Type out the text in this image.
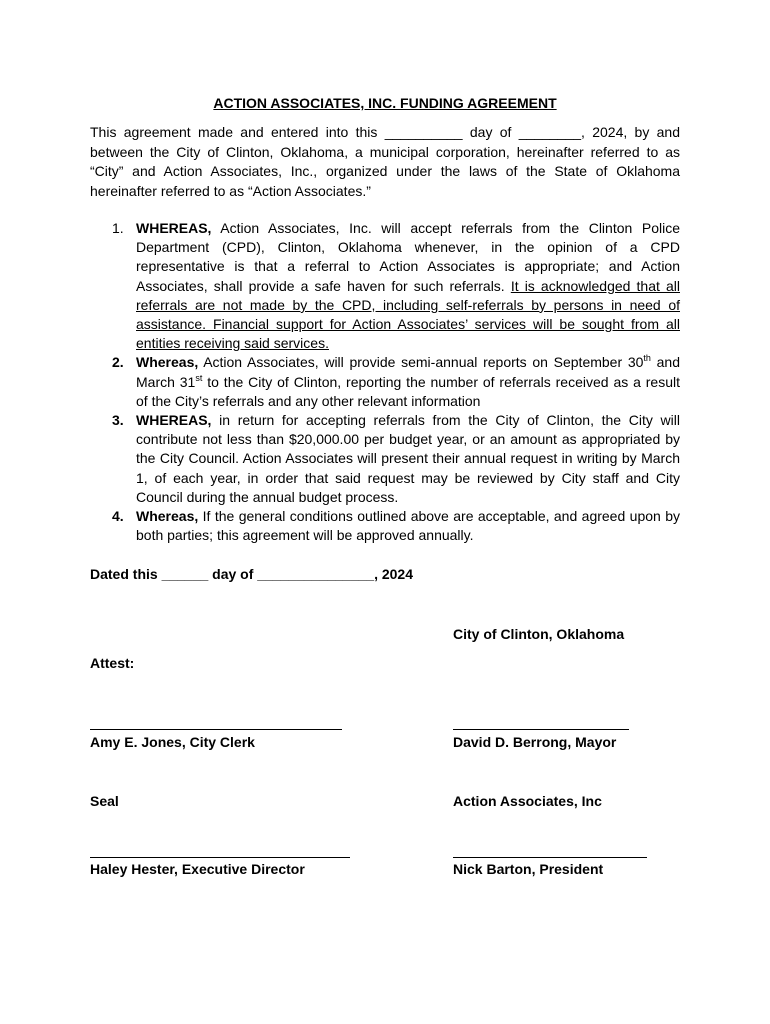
ACTION ASSOCIATES, INC. FUNDING AGREEMENT
This agreement made and entered into this __________ day of ________, 2024, by and between the City of Clinton, Oklahoma, a municipal corporation, hereinafter referred to as “City” and Action Associates, Inc., organized under the laws of the State of Oklahoma hereinafter referred to as “Action Associates.”
1. WHEREAS, Action Associates, Inc. will accept referrals from the Clinton Police Department (CPD), Clinton, Oklahoma whenever, in the opinion of a CPD representative is that a referral to Action Associates is appropriate; and Action Associates, shall provide a safe haven for such referrals. It is acknowledged that all referrals are not made by the CPD, including self-referrals by persons in need of assistance. Financial support for Action Associates’ services will be sought from all entities receiving said services.
2. Whereas, Action Associates, will provide semi-annual reports on September 30th and March 31st to the City of Clinton, reporting the number of referrals received as a result of the City’s referrals and any other relevant information
3. WHEREAS, in return for accepting referrals from the City of Clinton, the City will contribute not less than $20,000.00 per budget year, or an amount as appropriated by the City Council. Action Associates will present their annual request in writing by March 1, of each year, in order that said request may be reviewed by City staff and City Council during the annual budget process.
4. Whereas, If the general conditions outlined above are acceptable, and agreed upon by both parties; this agreement will be approved annually.
Dated this ______ day of _______________, 2024
City of Clinton, Oklahoma
Attest:
Amy E. Jones, City Clerk	David D. Berrong, Mayor
Seal	Action Associates, Inc
Haley Hester, Executive Director	Nick Barton, President
